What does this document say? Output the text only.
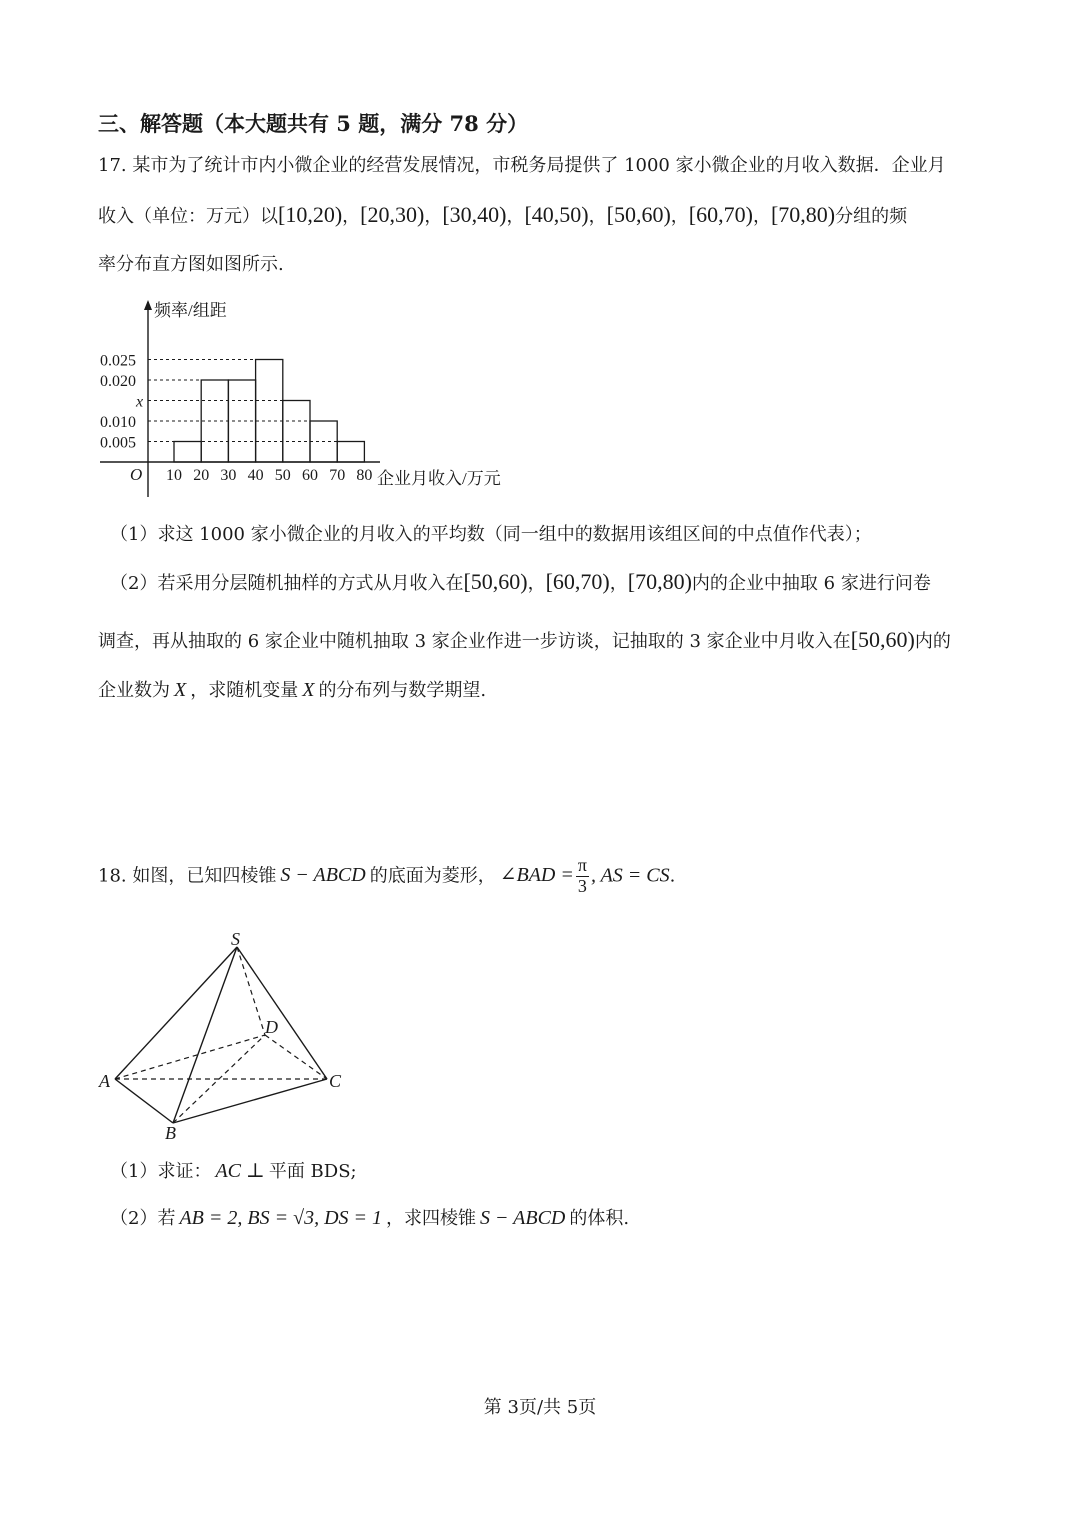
三、解答题（本大题共有 5 题，满分 78 分）
17. 某市为了统计市内小微企业的经营发展情况，市税务局提供了 1000 家小微企业的月收入数据．企业月
收入（单位：万元）以[10,20)，[20,30)，[30,40)，[40,50)，[50,60)，[60,70)，[70,80)分组的频
率分布直方图如图所示.
频率/组距
企业月收入/万元
O
0.005
0.010
x
0.020
0.025
10 20 30 40 50 60 70 80
（1）求这 1000 家小微企业的月收入的平均数（同一组中的数据用该组区间的中点值作代表）；
（2）若采用分层随机抽样的方式从月收入在[50,60)，[60,70)，[70,80)内的企业中抽取 6 家进行问卷
调查，再从抽取的 6 家企业中随机抽取 3 家企业作进一步访谈，记抽取的 3 家企业中月收入在[50,60)内的
企业数为 X ，求随机变量 X 的分布列与数学期望.
18. 如图，已知四棱锥 S − ABCD 的底面为菱形， ∠BAD = $\frac{\pi}{3}$ , AS = CS.
S
A
B
C
D
（1）求证： AC ⊥ 平面 BDS;
（2）若 AB = 2, BS = √3, DS = 1 ，求四棱锥 S − ABCD 的体积.
第 3页/共 5页
